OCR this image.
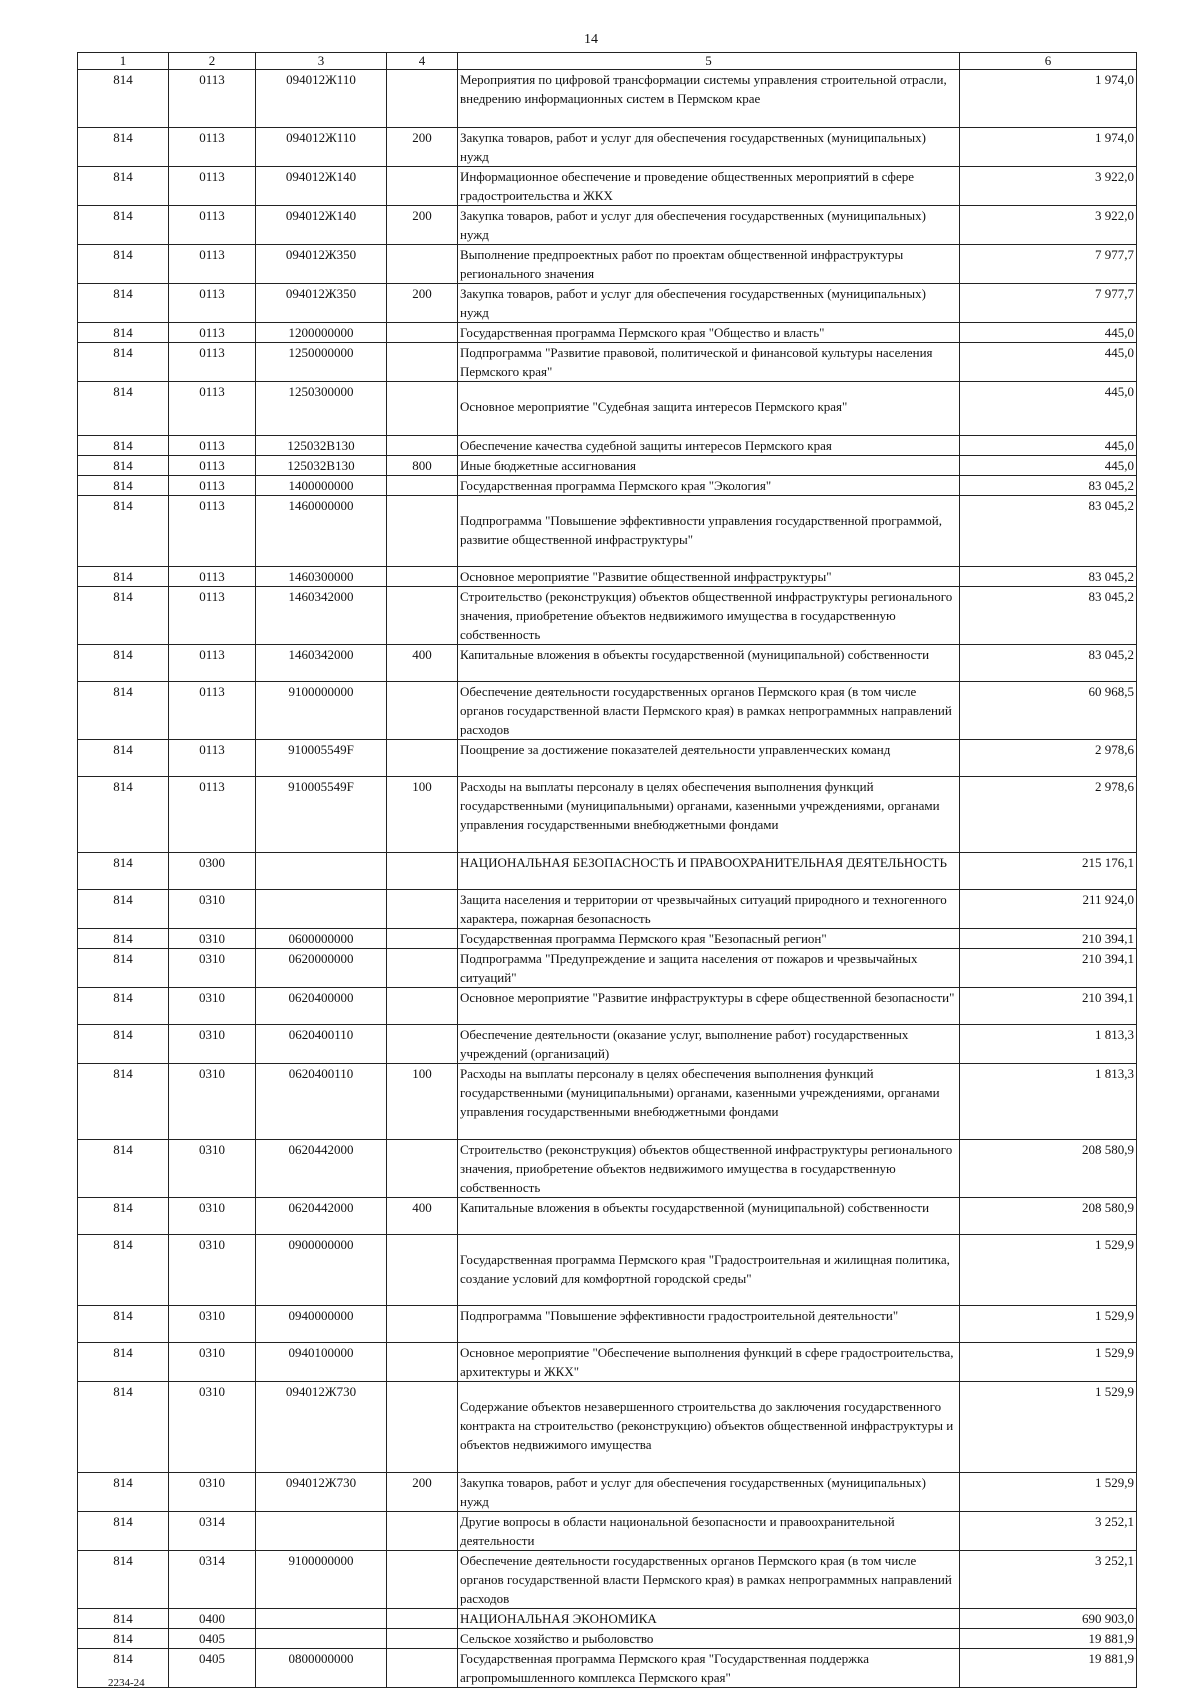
14
1	2	3	4	5	6
814	0113	094012Ж110		Мероприятия по цифровой трансформации системы управления строительной отрасли, внедрению информационных систем в Пермском крае	1 974,0
814	0113	094012Ж110	200	Закупка товаров, работ и услуг для обеспечения государственных (муниципальных) нужд	1 974,0
814	0113	094012Ж140		Информационное обеспечение и проведение общественных мероприятий в сфере градостроительства и ЖКХ	3 922,0
814	0113	094012Ж140	200	Закупка товаров, работ и услуг для обеспечения государственных (муниципальных) нужд	3 922,0
814	0113	094012Ж350		Выполнение предпроектных работ по проектам общественной инфраструктуры регионального значения	7 977,7
814	0113	094012Ж350	200	Закупка товаров, работ и услуг для обеспечения государственных (муниципальных) нужд	7 977,7
814	0113	1200000000		Государственная программа Пермского края "Общество и власть"	445,0
814	0113	1250000000		Подпрограмма "Развитие правовой, политической и финансовой культуры населения Пермского края"	445,0
814	0113	1250300000		Основное мероприятие "Судебная защита интересов Пермского края"	445,0
814	0113	125032В130		Обеспечение качества судебной защиты интересов Пермского края	445,0
814	0113	125032В130	800	Иные бюджетные ассигнования	445,0
814	0113	1400000000		Государственная программа Пермского края "Экология"	83 045,2
814	0113	1460000000		Подпрограмма "Повышение эффективности управления государственной программой, развитие общественной инфраструктуры"	83 045,2
814	0113	1460300000		Основное мероприятие "Развитие общественной инфраструктуры"	83 045,2
814	0113	1460342000		Строительство (реконструкция) объектов общественной инфраструктуры регионального значения, приобретение объектов недвижимого имущества в государственную собственность	83 045,2
814	0113	1460342000	400	Капитальные вложения в объекты государственной (муниципальной) собственности	83 045,2
814	0113	9100000000		Обеспечение деятельности государственных органов Пермского края (в том числе органов государственной власти Пермского края) в рамках непрограммных направлений расходов	60 968,5
814	0113	910005549F		Поощрение за достижение показателей деятельности управленческих команд	2 978,6
814	0113	910005549F	100	Расходы на выплаты персоналу в целях обеспечения выполнения функций государственными (муниципальными) органами, казенными учреждениями, органами управления государственными внебюджетными фондами	2 978,6
814	0300			НАЦИОНАЛЬНАЯ БЕЗОПАСНОСТЬ И ПРАВООХРАНИТЕЛЬНАЯ ДЕЯТЕЛЬНОСТЬ	215 176,1
814	0310			Защита населения и территории от чрезвычайных ситуаций природного и техногенного характера, пожарная безопасность	211 924,0
814	0310	0600000000		Государственная программа Пермского края "Безопасный регион"	210 394,1
814	0310	0620000000		Подпрограмма "Предупреждение и защита населения от пожаров и чрезвычайных ситуаций"	210 394,1
814	0310	0620400000		Основное мероприятие "Развитие инфраструктуры в сфере общественной безопасности"	210 394,1
814	0310	0620400110		Обеспечение деятельности (оказание услуг, выполнение работ) государственных учреждений (организаций)	1 813,3
814	0310	0620400110	100	Расходы на выплаты персоналу в целях обеспечения выполнения функций государственными (муниципальными) органами, казенными учреждениями, органами управления государственными внебюджетными фондами	1 813,3
814	0310	0620442000		Строительство (реконструкция) объектов общественной инфраструктуры регионального значения, приобретение объектов недвижимого имущества в государственную собственность	208 580,9
814	0310	0620442000	400	Капитальные вложения в объекты государственной (муниципальной) собственности	208 580,9
814	0310	0900000000		Государственная программа Пермского края "Градостроительная и жилищная политика, создание условий для комфортной городской среды"	1 529,9
814	0310	0940000000		Подпрограмма "Повышение эффективности градостроительной деятельности"	1 529,9
814	0310	0940100000		Основное мероприятие "Обеспечение выполнения функций в сфере градостроительства, архитектуры и ЖКХ"	1 529,9
814	0310	094012Ж730		Содержание объектов незавершенного строительства до заключения государственного контракта на строительство (реконструкцию) объектов общественной инфраструктуры и объектов недвижимого имущества	1 529,9
814	0310	094012Ж730	200	Закупка товаров, работ и услуг для обеспечения государственных (муниципальных) нужд	1 529,9
814	0314			Другие вопросы в области национальной безопасности и правоохранительной деятельности	3 252,1
814	0314	9100000000		Обеспечение деятельности государственных органов Пермского края (в том числе органов государственной власти Пермского края) в рамках непрограммных направлений расходов	3 252,1
814	0400			НАЦИОНАЛЬНАЯ ЭКОНОМИКА	690 903,0
814	0405			Сельское хозяйство и рыболовство	19 881,9
814	0405	0800000000		Государственная программа Пермского края "Государственная поддержка агропромышленного комплекса Пермского края"	19 881,9
2234-24
